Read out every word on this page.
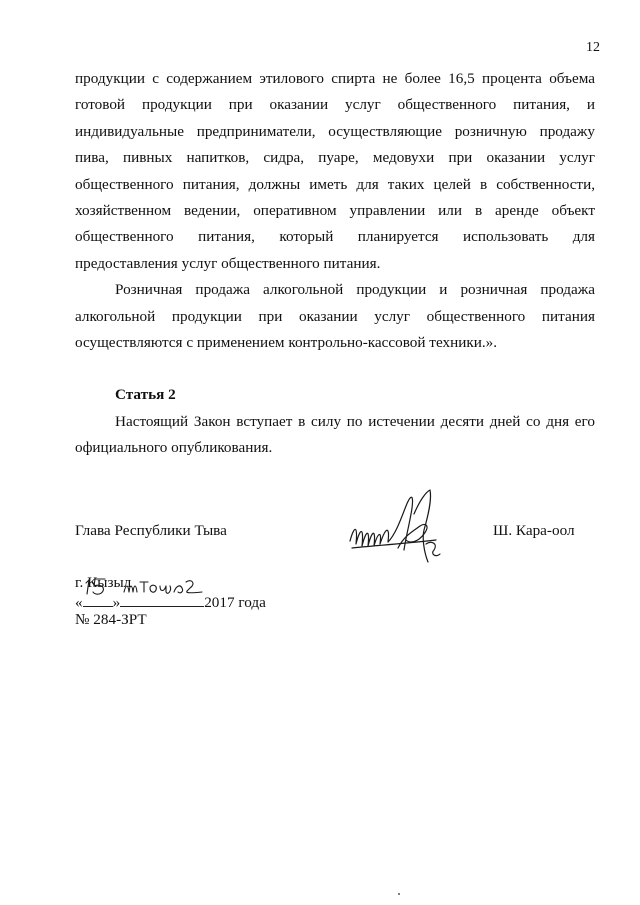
12

продукции с содержанием этилового спирта не более 16,5 процента объема готовой продукции при оказании услуг общественного питания, и индивидуальные предприниматели, осуществляющие розничную продажу пива, пивных напитков, сидра, пуаре, медовухи при оказании услуг общественного питания, должны иметь для таких целей в собственности, хозяйственном ведении, оперативном управлении или в аренде объект общественного питания, который планируется использовать для предоставления услуг общественного питания.

Розничная продажа алкогольной продукции и розничная продажа алкогольной продукции при оказании услуг общественного питания осуществляются с применением контрольно-кассовой техники.».

Статья 2

Настоящий Закон вступает в силу по истечении десяти дней со дня его официального опубликования.

Глава Республики Тыва	Ш. Кара-оол
г. Кызыл
« »	2017 года
№ 284-ЗРТ
